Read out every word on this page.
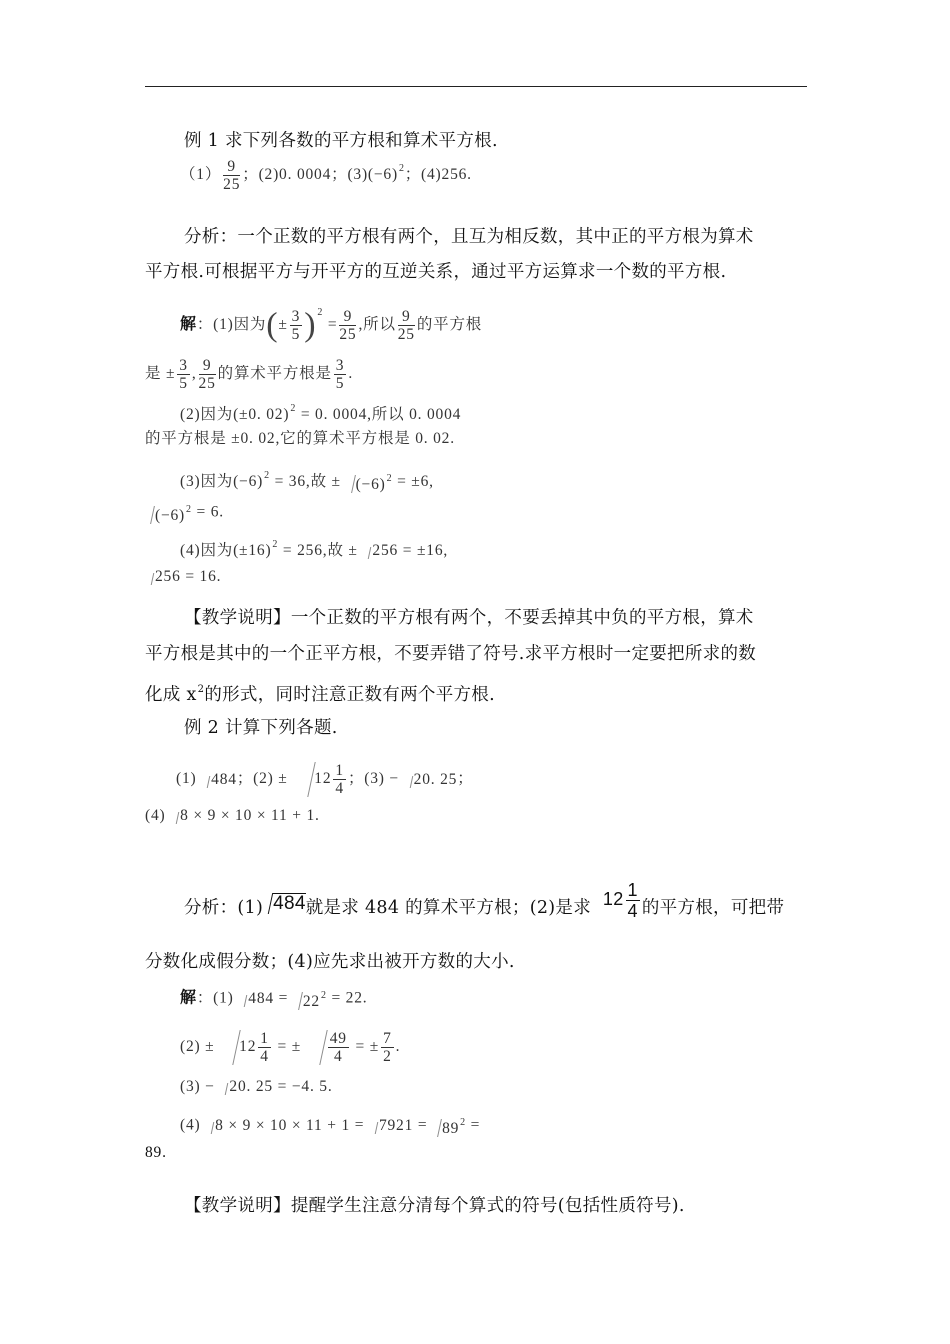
例 1 求下列各数的平方根和算术平方根.
$(1) \frac{9}{25}$ ；(2)0. 0004；$(3)(-6)^2$；(4)256.
分析：一个正数的平方根有两个，且互为相反数，其中正的平方根为算术
平方根.可根据平方与开平方的互逆关系，通过平方运算求一个数的平方根.
解：(1)因为(± $\frac{3}{5} )^2 = \frac{9}{25}$ ,所以 $\frac{9}{25}$ 的平方根
是 ± $\frac{3}{5}$ , $\frac{9}{25}$ 的算术平方根是 $\frac{3}{5}$ .
(2)因为(±0. 02)$^2$ = 0. 0004,所以 0. 0004
的平方根是 ±0. 02,它的算术平方根是 0. 02.
(3)因为$(-6)^2 = 36$,故 ± $(-6)^2 = \pm 6$,
$(-6)^2 = 6$.
(4)因为$(\pm 16)^2 = 256$,故 ± 256 = ±16,
256 = 16.
【教学说明】一个正数的平方根有两个，不要丢掉其中负的平方根，算术
平方根是其中的一个正平方根，不要弄错了符号.求平方根时一定要把所求的数
化成 $x^2$的形式，同时注意正数有两个平方根.
例 2 计算下列各题.
(1) 484；$(2) \pm 12 \frac{1}{4}$ ；(3) − 20. 25；
(4) 8 × 9 × 10 × 11 + 1.
分析：(1) 484就是求 484 的算术平方根；(2)是求 $12 \frac{1}{4}$ 的平方根，可把带
分数化成假分数；(4)应先求出被开方数的大小.
解：(1) $484 = 22^2 = 22$.
$(2) \pm 12 \frac{1}{4}$ = ± $\frac{49}{4}$ = ± $\frac{7}{2}$ .
(3) − 20. 25 = −4. 5.
(4) $8 \times 9 \times 10 \times 11 + 1 = 7921 = 89^2$ =
89.
【教学说明】提醒学生注意分清每个算式的符号(包括性质符号).
